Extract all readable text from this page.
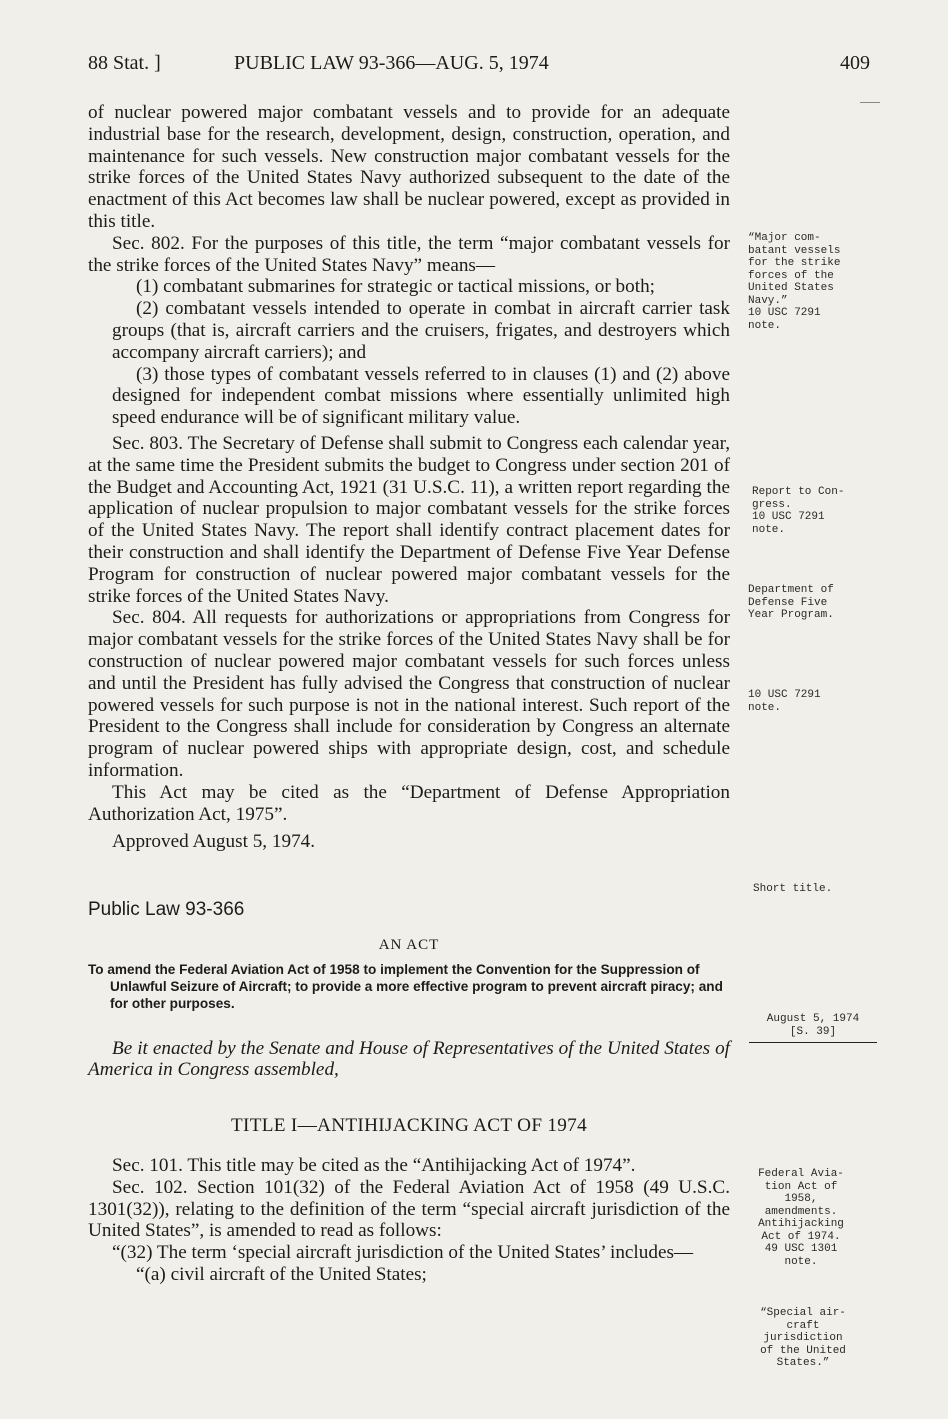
88 Stat. ]	PUBLIC LAW 93-366—AUG. 5, 1974	409

of nuclear powered major combatant vessels and to provide for an adequate industrial base for the research, development, design, construction, operation, and maintenance for such vessels. New construction major combatant vessels for the strike forces of the United States Navy authorized subsequent to the date of the enactment of this Act becomes law shall be nuclear powered, except as provided in this title.

Sec. 802. For the purposes of this title, the term “major combatant vessels for the strike forces of the United States Navy” means—

(1) combatant submarines for strategic or tactical missions, or both;

(2) combatant vessels intended to operate in combat in aircraft carrier task groups (that is, aircraft carriers and the cruisers, frigates, and destroyers which accompany aircraft carriers); and

(3) those types of combatant vessels referred to in clauses (1) and (2) above designed for independent combat missions where essentially unlimited high speed endurance will be of significant military value.

Sec. 803. The Secretary of Defense shall submit to Congress each calendar year, at the same time the President submits the budget to Congress under section 201 of the Budget and Accounting Act, 1921 (31 U.S.C. 11), a written report regarding the application of nuclear propulsion to major combatant vessels for the strike forces of the United States Navy. The report shall identify contract placement dates for their construction and shall identify the Department of Defense Five Year Defense Program for construction of nuclear powered major combatant vessels for the strike forces of the United States Navy.

Sec. 804. All requests for authorizations or appropriations from Congress for major combatant vessels for the strike forces of the United States Navy shall be for construction of nuclear powered major combatant vessels for such forces unless and until the President has fully advised the Congress that construction of nuclear powered vessels for such purpose is not in the national interest. Such report of the President to the Congress shall include for consideration by Congress an alternate program of nuclear powered ships with appropriate design, cost, and schedule information.

This Act may be cited as the “Department of Defense Appropriation Authorization Act, 1975”.

Approved August 5, 1974.

Public Law 93-366

AN ACT

To amend the Federal Aviation Act of 1958 to implement the Convention for the Suppression of Unlawful Seizure of Aircraft; to provide a more effective program to prevent aircraft piracy; and for other purposes.

Be it enacted by the Senate and House of Representatives of the United States of America in Congress assembled,

TITLE I—ANTIHIJACKING ACT OF 1974

Sec. 101. This title may be cited as the “Antihijacking Act of 1974”.

Sec. 102. Section 101(32) of the Federal Aviation Act of 1958 (49 U.S.C. 1301(32)), relating to the definition of the term “special aircraft jurisdiction of the United States”, is amended to read as follows:

“(32) The term ‘special aircraft jurisdiction of the United States’ includes—

“(a) civil aircraft of the United States;

“Major com-
batant vessels
for the strike
forces of the
United States
Navy.”
10 USC 7291
note.
Report to Con-
gress.
10 USC 7291
note.
Department of
Defense Five
Year Program.
10 USC 7291
note.
Short title.
August 5, 1974
[S. 39]
Federal Avia-
tion Act of 1958,
amendments.
Antihijacking
Act of 1974.
49 USC 1301
note.
“Special air-
craft jurisdiction
of the United
States.”
